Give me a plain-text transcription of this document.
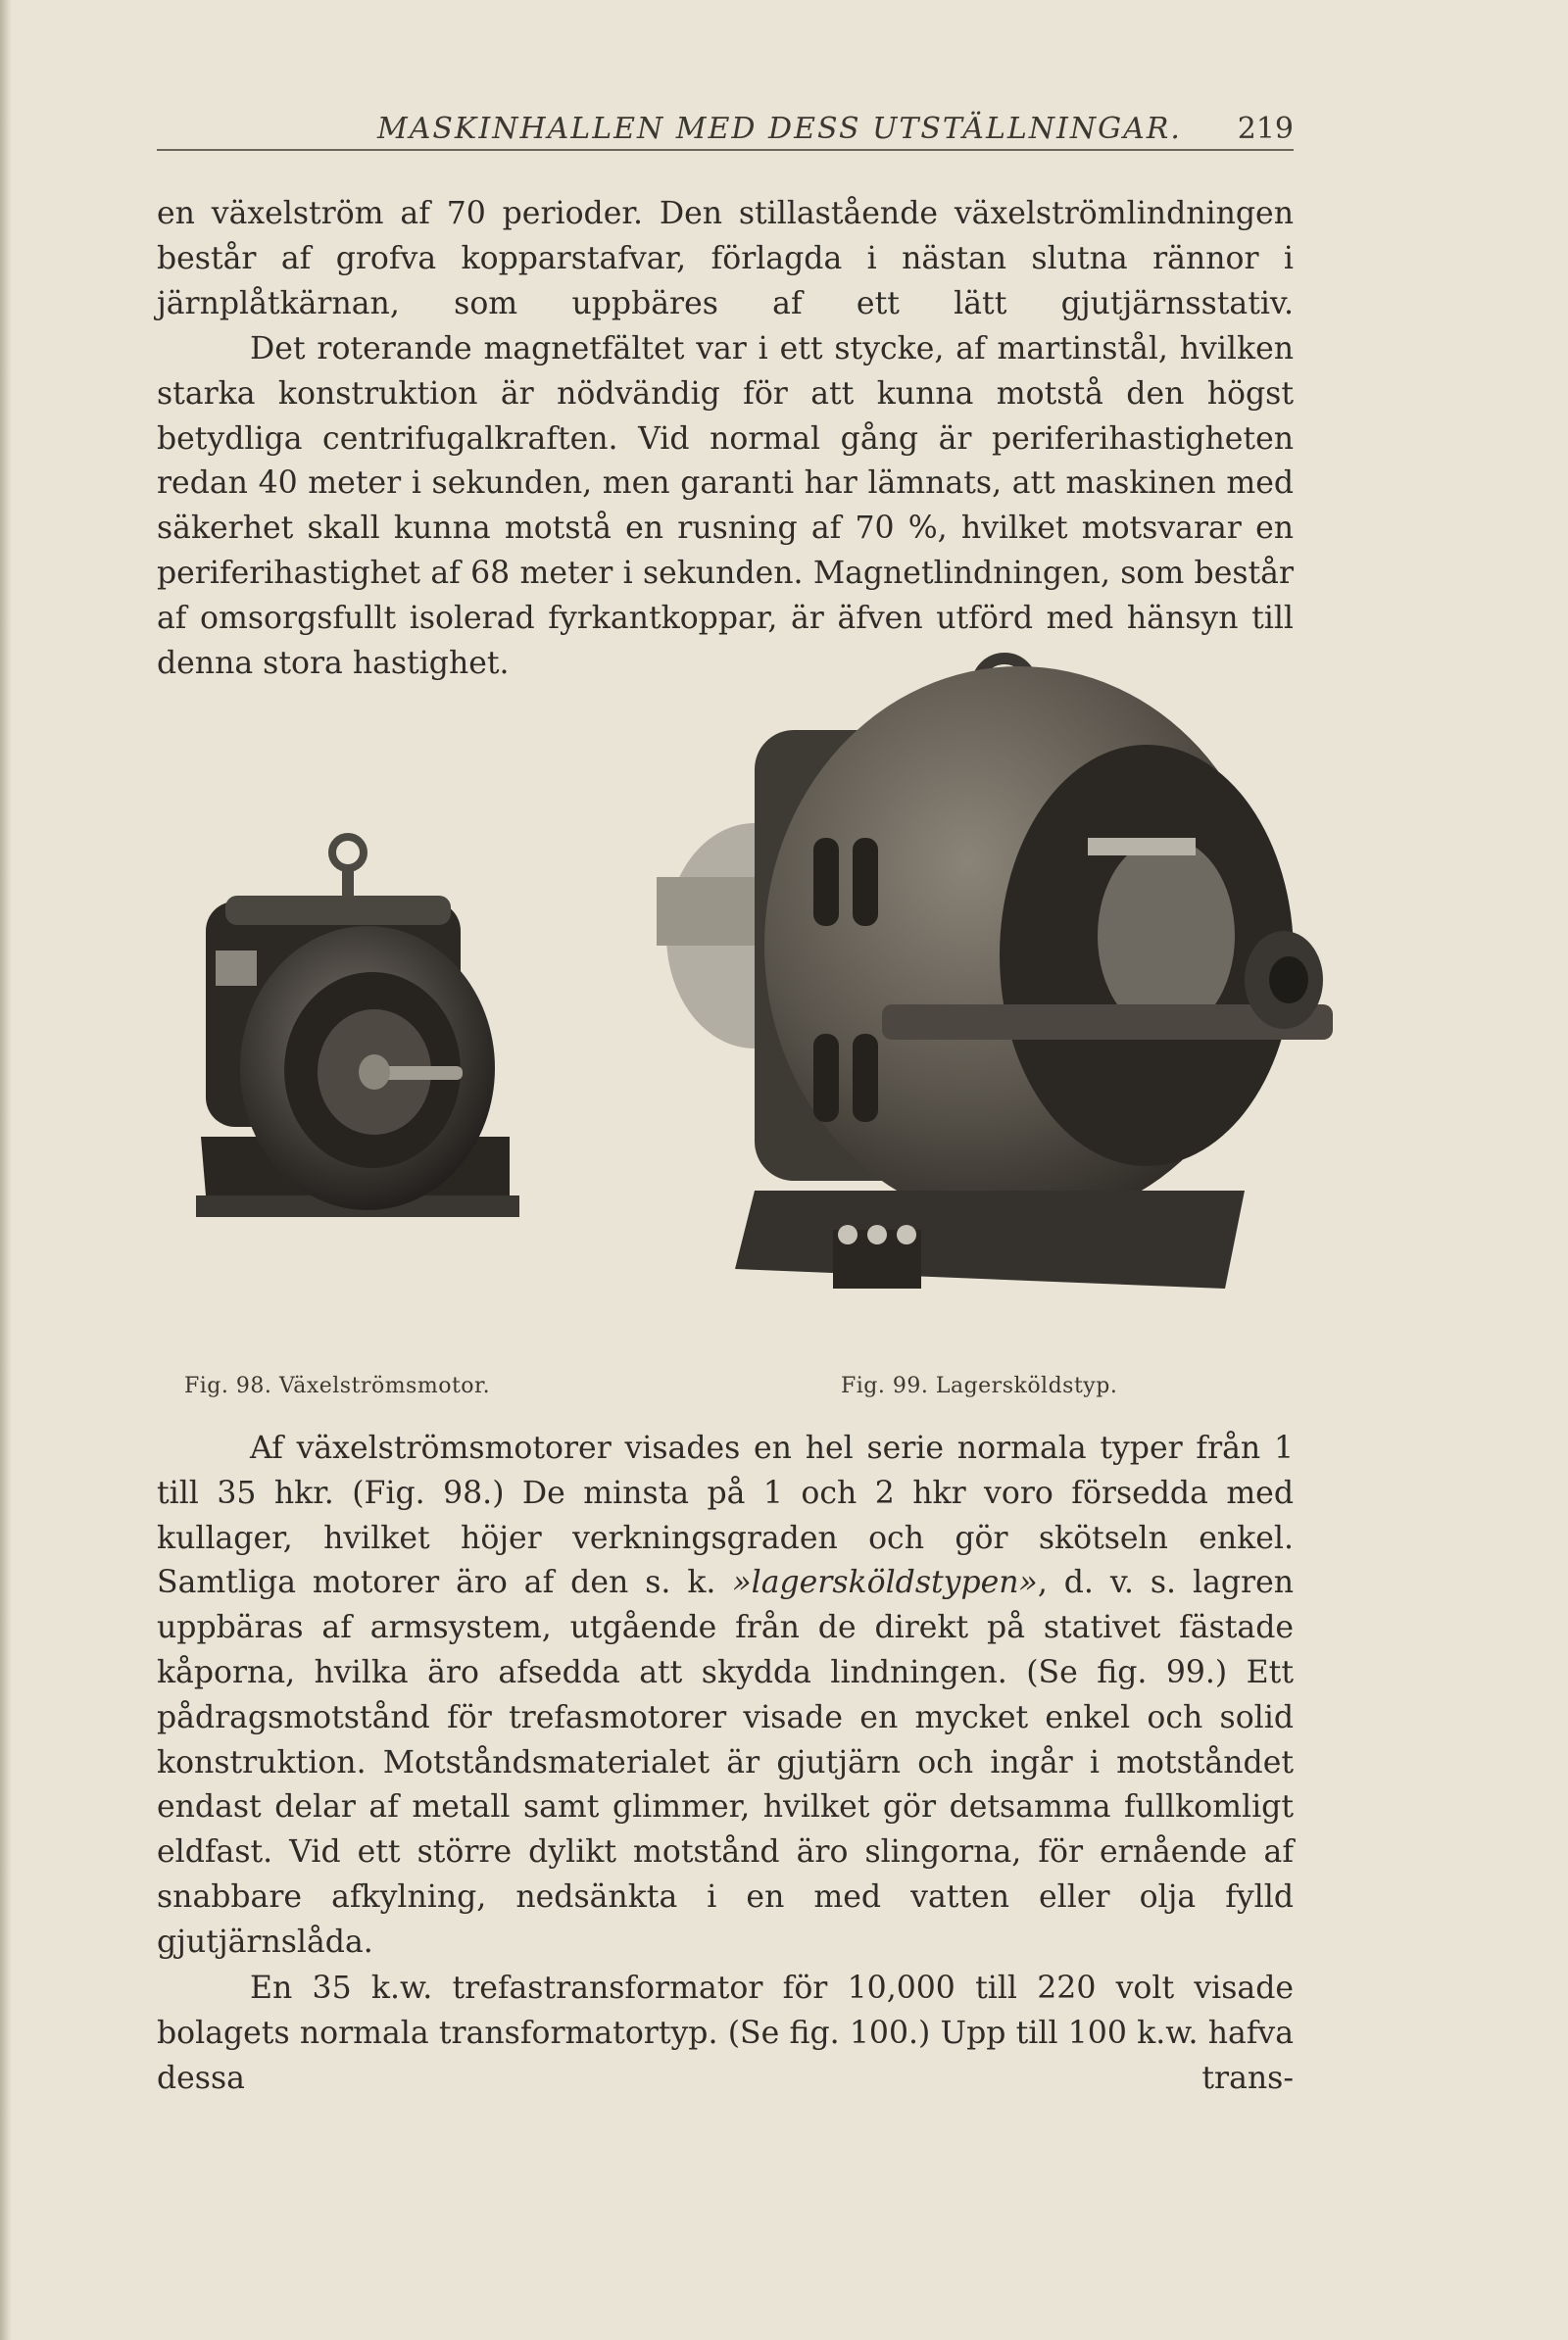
MASKINHALLEN MED DESS UTSTÄLLNINGAR. 219

en växelström af 70 perioder. Den stillastående växelströmlindningen består af grofva kopparstafvar, förlagda i nästan slutna rännor i järnplåtkärnan, som uppbäres af ett lätt gjutjärnsstativ.

Det roterande magnetfältet var i ett stycke, af martinstål, hvilken starka konstruktion är nödvändig för att kunna motstå den högst betydliga centrifugalkraften. Vid normal gång är periferihastigheten redan 40 meter i sekunden, men garanti har lämnats, att maskinen med säkerhet skall kunna motstå en rusning af 70 %, hvilket motsvarar en periferihastighet af 68 meter i sekunden. Magnetlindningen, som består af omsorgsfullt isolerad fyrkantkoppar, är äfven utförd med hänsyn till denna stora hastighet.

Fig. 98. Växelströmsmotor.	Fig. 99. Lagersköldstyp.

Af växelströmsmotorer visades en hel serie normala typer från 1 till 35 hkr. (Fig. 98.) De minsta på 1 och 2 hkr voro försedda med kullager, hvilket höjer verkningsgraden och gör skötseln enkel. Samtliga motorer äro af den s. k. »lagersköldstypen», d. v. s. lagren uppbäras af armsystem, utgående från de direkt på stativet fästade kåporna, hvilka äro afsedda att skydda lindningen. (Se fig. 99.) Ett pådragsmotstånd för trefasmotorer visade en mycket enkel och solid konstruktion. Motståndsmaterialet är gjutjärn och ingår i motståndet endast delar af metall samt glimmer, hvilket gör detsamma fullkomligt eldfast. Vid ett större dylikt motstånd äro slingorna, för ernående af snabbare afkylning, nedsänkta i en med vatten eller olja fylld gjutjärnslåda.

En 35 k.w. trefastransformator för 10,000 till 220 volt visade bolagets normala transformatortyp. (Se fig. 100.) Upp till 100 k.w. hafva dessa trans-
